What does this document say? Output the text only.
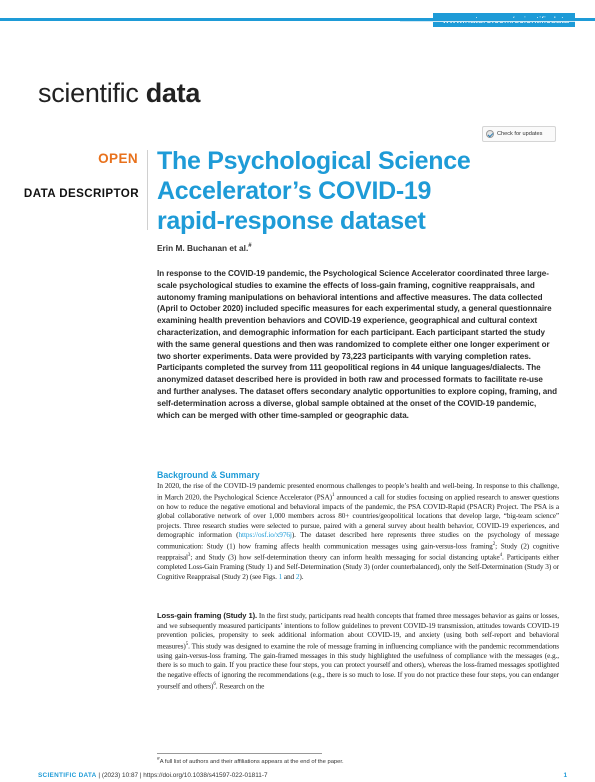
scientific data
Check for updates
OPEN
DATA DESCRIPTOR
The Psychological Science Accelerator’s COVID-19 rapid-response dataset
Erin M. Buchanan et al.#
In response to the COVID-19 pandemic, the Psychological Science Accelerator coordinated three large-scale psychological studies to examine the effects of loss-gain framing, cognitive reappraisals, and autonomy framing manipulations on behavioral intentions and affective measures. The data collected (April to October 2020) included specific measures for each experimental study, a general questionnaire examining health prevention behaviors and COVID-19 experience, geographical and cultural context characterization, and demographic information for each participant. Each participant started the study with the same general questions and then was randomized to complete either one longer experiment or two shorter experiments. Data were provided by 73,223 participants with varying completion rates. Participants completed the survey from 111 geopolitical regions in 44 unique languages/dialects. The anonymized dataset described here is provided in both raw and processed formats to facilitate re-use and further analyses. The dataset offers secondary analytic opportunities to explore coping, framing, and self-determination across a diverse, global sample obtained at the onset of the COVID-19 pandemic, which can be merged with other time-sampled or geographic data.
Background & Summary
In 2020, the rise of the COVID-19 pandemic presented enormous challenges to people’s health and well-being. In response to this challenge, in March 2020, the Psychological Science Accelerator (PSA)$^1$ announced a call for studies focusing on applied research to answer questions on how to reduce the negative emotional and behavioral impacts of the pandemic, the PSA COVID-Rapid (PSACR) Project. The PSA is a global collaborative network of over 1,000 members across 80+ countries/geopolitical locations that develop large, “big-team science” projects. Three research studies were selected to pursue, paired with a general survey about health behavior, COVID-19 experiences, and demographic information (https://osf.io/x976j). The dataset described here represents three studies on the psychology of message communication: Study (1) how framing affects health communication messages using gain-versus-loss framing$^2$; Study (2) cognitive reappraisal$^3$; and Study (3) how self-determination theory can inform health messaging for social distancing uptake$^4$. Participants either completed Loss-Gain Framing (Study 1) and Self-Determination (Study 3) (order counterbalanced), only the Self-Determination (Study 3) or Cognitive Reappraisal (Study 2) (see Figs. 1 and 2).
Loss-gain framing (Study 1). In the first study, participants read health concepts that framed three messages behavior as gains or losses, and we subsequently measured participants’ intentions to follow guidelines to prevent COVID-19 transmission, attitudes towards COVID-19 prevention policies, propensity to seek additional information about COVID-19, and anxiety (using both self-report and behavioral measures)$^5$. This study was designed to examine the role of message framing in influencing compliance with the pandemic recommendations using gain-versus-loss framing. The gain-framed messages in this study highlighted the usefulness of compliance with the messages (e.g., there is so much to gain. If you practice these four steps, you can protect yourself and others), whereas the loss-framed messages spotlighted the negative effects of ignoring the recommendations (e.g., there is so much to lose. If you do not practice these four steps, you can endanger yourself and others)$^6$. Research on the
#A full list of authors and their affiliations appears at the end of the paper.
SCIENTIFIC DATA | (2023) 10:87 | https://doi.org/10.1038/s41597-022-01811-7	1
